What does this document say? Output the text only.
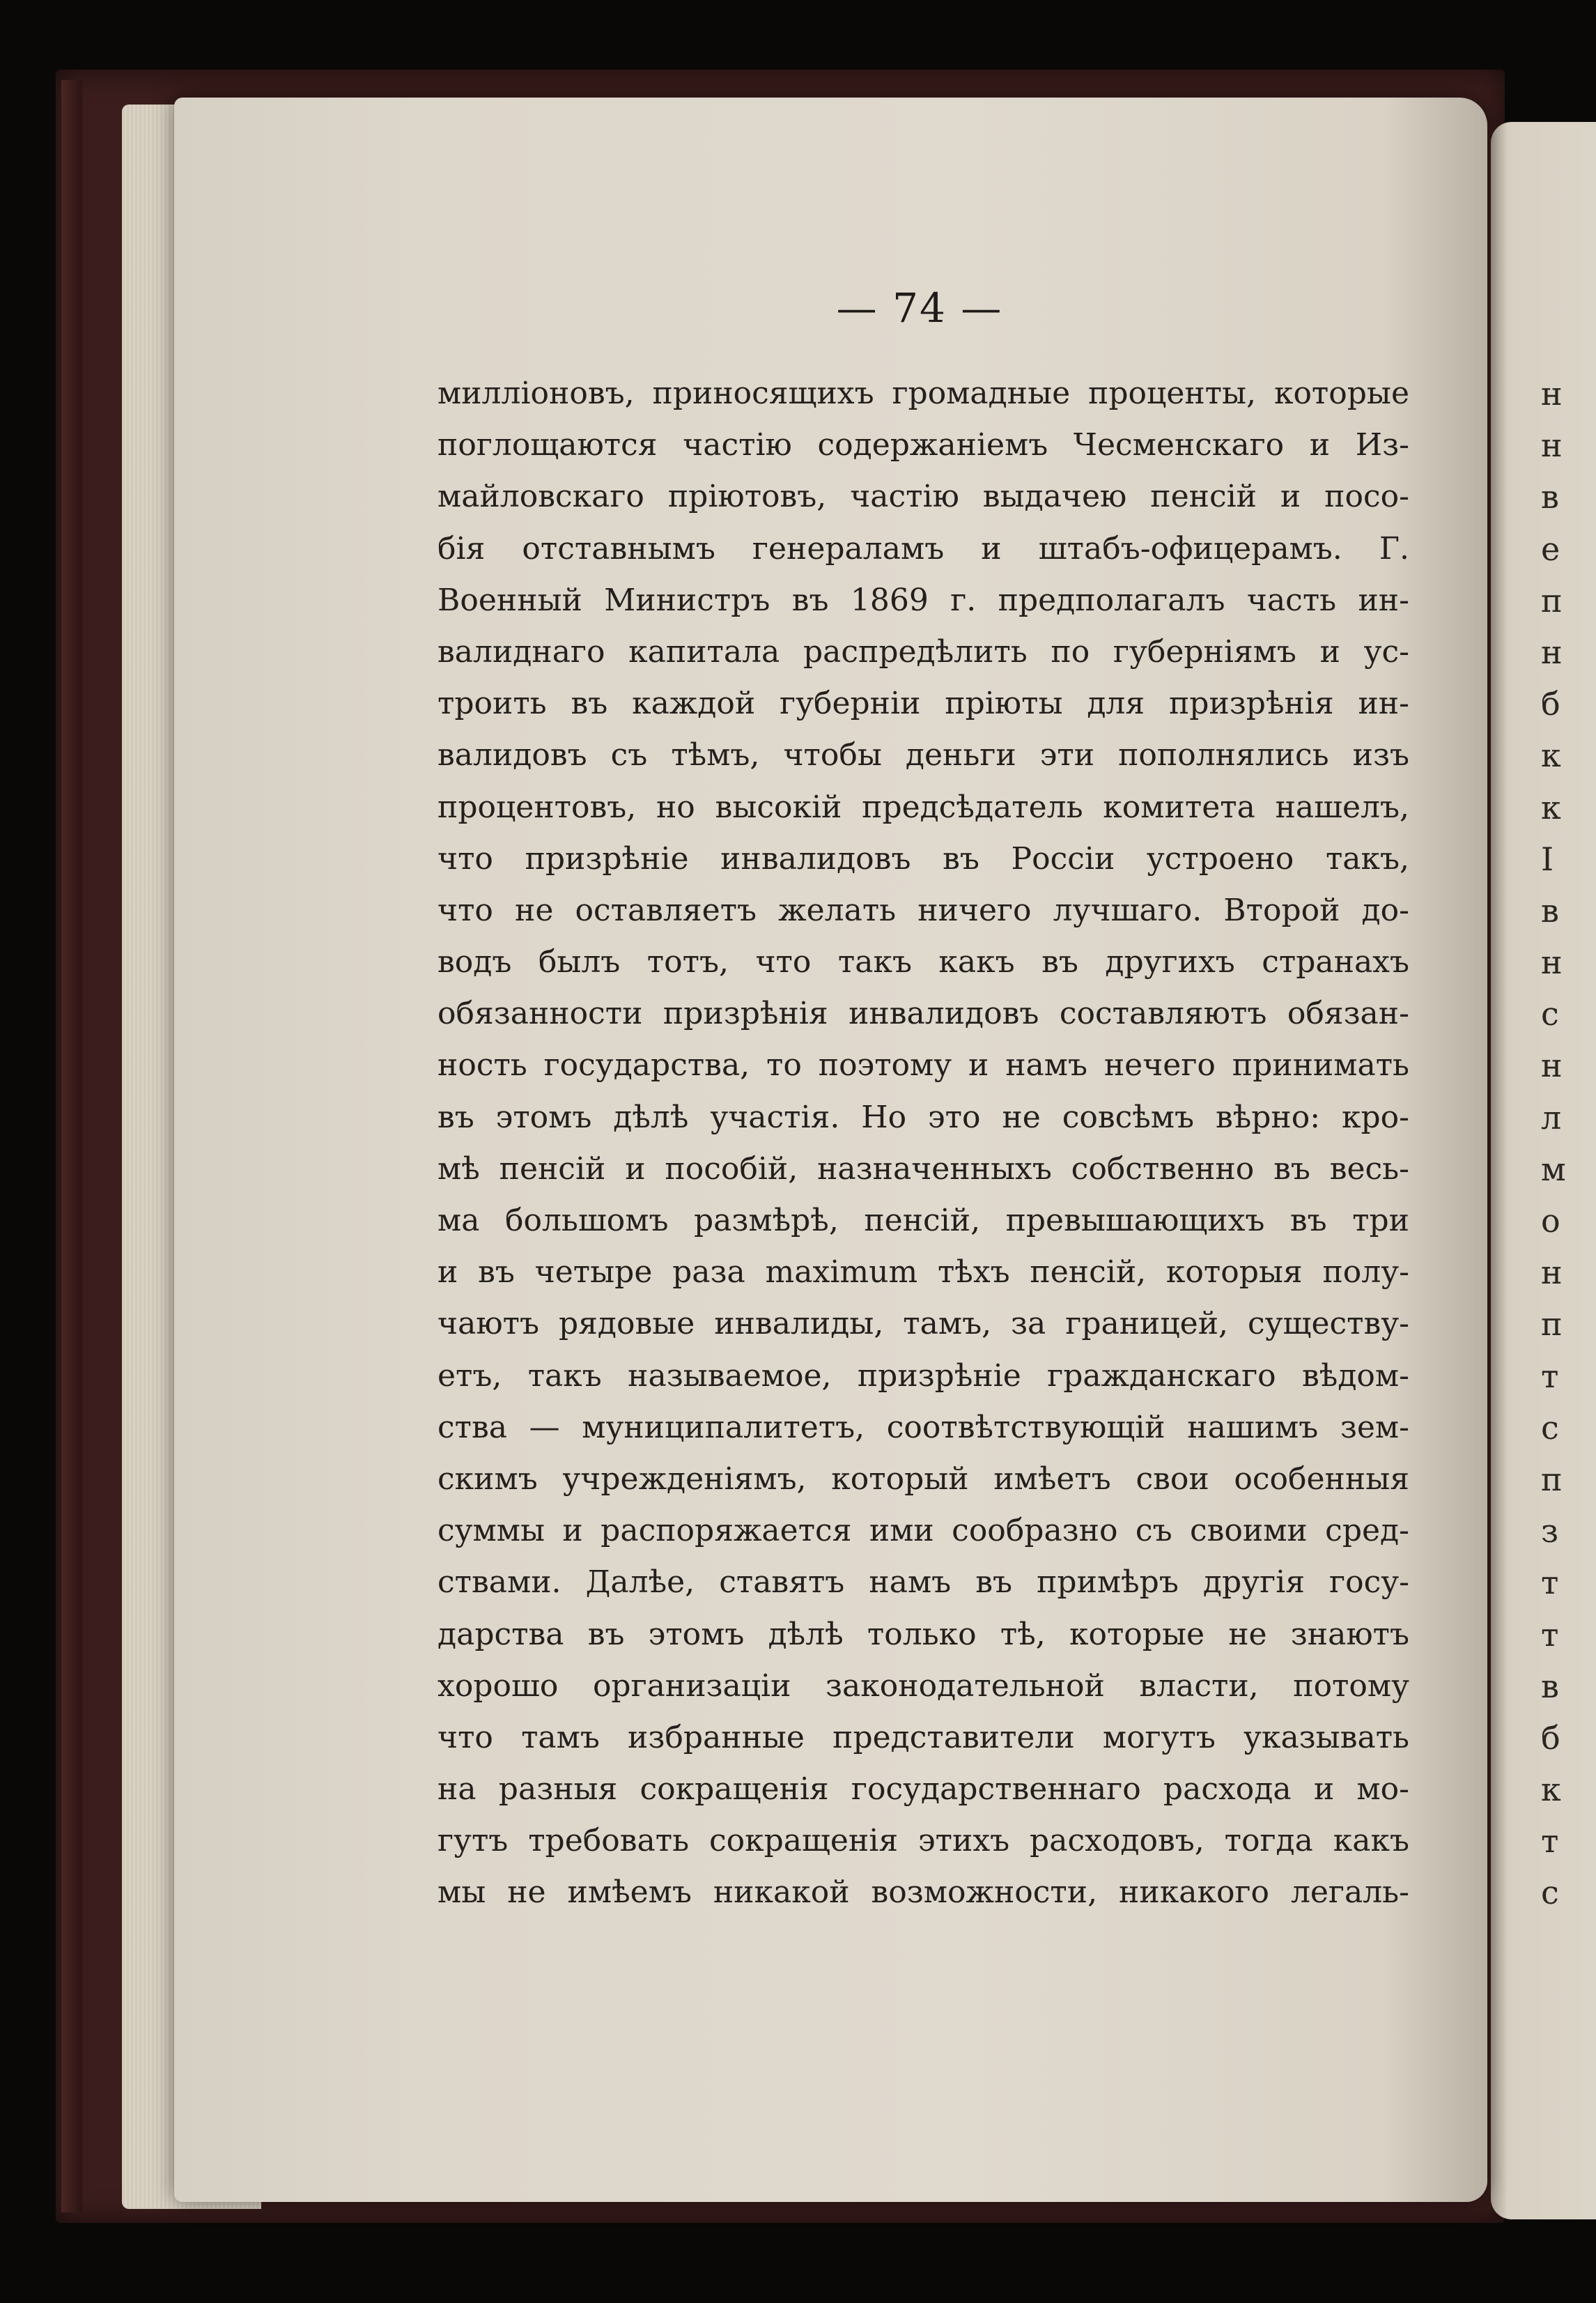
— 74 —
милліоновъ, приносящихъ громадные проценты, которые
поглощаются частію содержаніемъ Чесменскаго и Из-
майловскаго пріютовъ, частію выдачею пенсій и посо-
бія отставнымъ генераламъ и штабъ-офицерамъ. Г.
Военный Министръ въ 1869 г. предполагалъ часть ин-
валиднаго капитала распредѣлить по губерніямъ и ус-
троить въ каждой губерніи пріюты для призрѣнія ин-
валидовъ съ тѣмъ, чтобы деньги эти пополнялись изъ
процентовъ, но высокій предсѣдатель комитета нашелъ,
что призрѣніе инвалидовъ въ Россіи устроено такъ,
что не оставляетъ желать ничего лучшаго. Второй до-
водъ былъ тотъ, что такъ какъ въ другихъ странахъ
обязанности призрѣнія инвалидовъ составляютъ обязан-
ность государства, то поэтому и намъ нечего принимать
въ этомъ дѣлѣ участія. Но это не совсѣмъ вѣрно: кро-
мѣ пенсій и пособій, назначенныхъ собственно въ весь-
ма большомъ размѣрѣ, пенсій, превышающихъ въ три
и въ четыре раза maximum тѣхъ пенсій, которыя полу-
чаютъ рядовые инвалиды, тамъ, за границей, существу-
етъ, такъ называемое, призрѣніе гражданскаго вѣдом-
ства — муниципалитетъ, соотвѣтствующій нашимъ зем-
скимъ учрежденіямъ, который имѣетъ свои особенныя
суммы и распоряжается ими сообразно съ своими сред-
ствами. Далѣе, ставятъ намъ въ примѣръ другія госу-
дарства въ этомъ дѣлѣ только тѣ, которые не знаютъ
хорошо организаціи законодательной власти, потому
что тамъ избранные представители могутъ указывать
на разныя сокращенія государственнаго расхода и мо-
гутъ требовать сокращенія этихъ расходовъ, тогда какъ
мы не имѣемъ никакой возможности, никакого легаль-
н
н
в
е
п
н
б
к
к
I
в
н
с
н
л
м
о
н
п
т
с
п
з
т
т
в
б
к
т
с
